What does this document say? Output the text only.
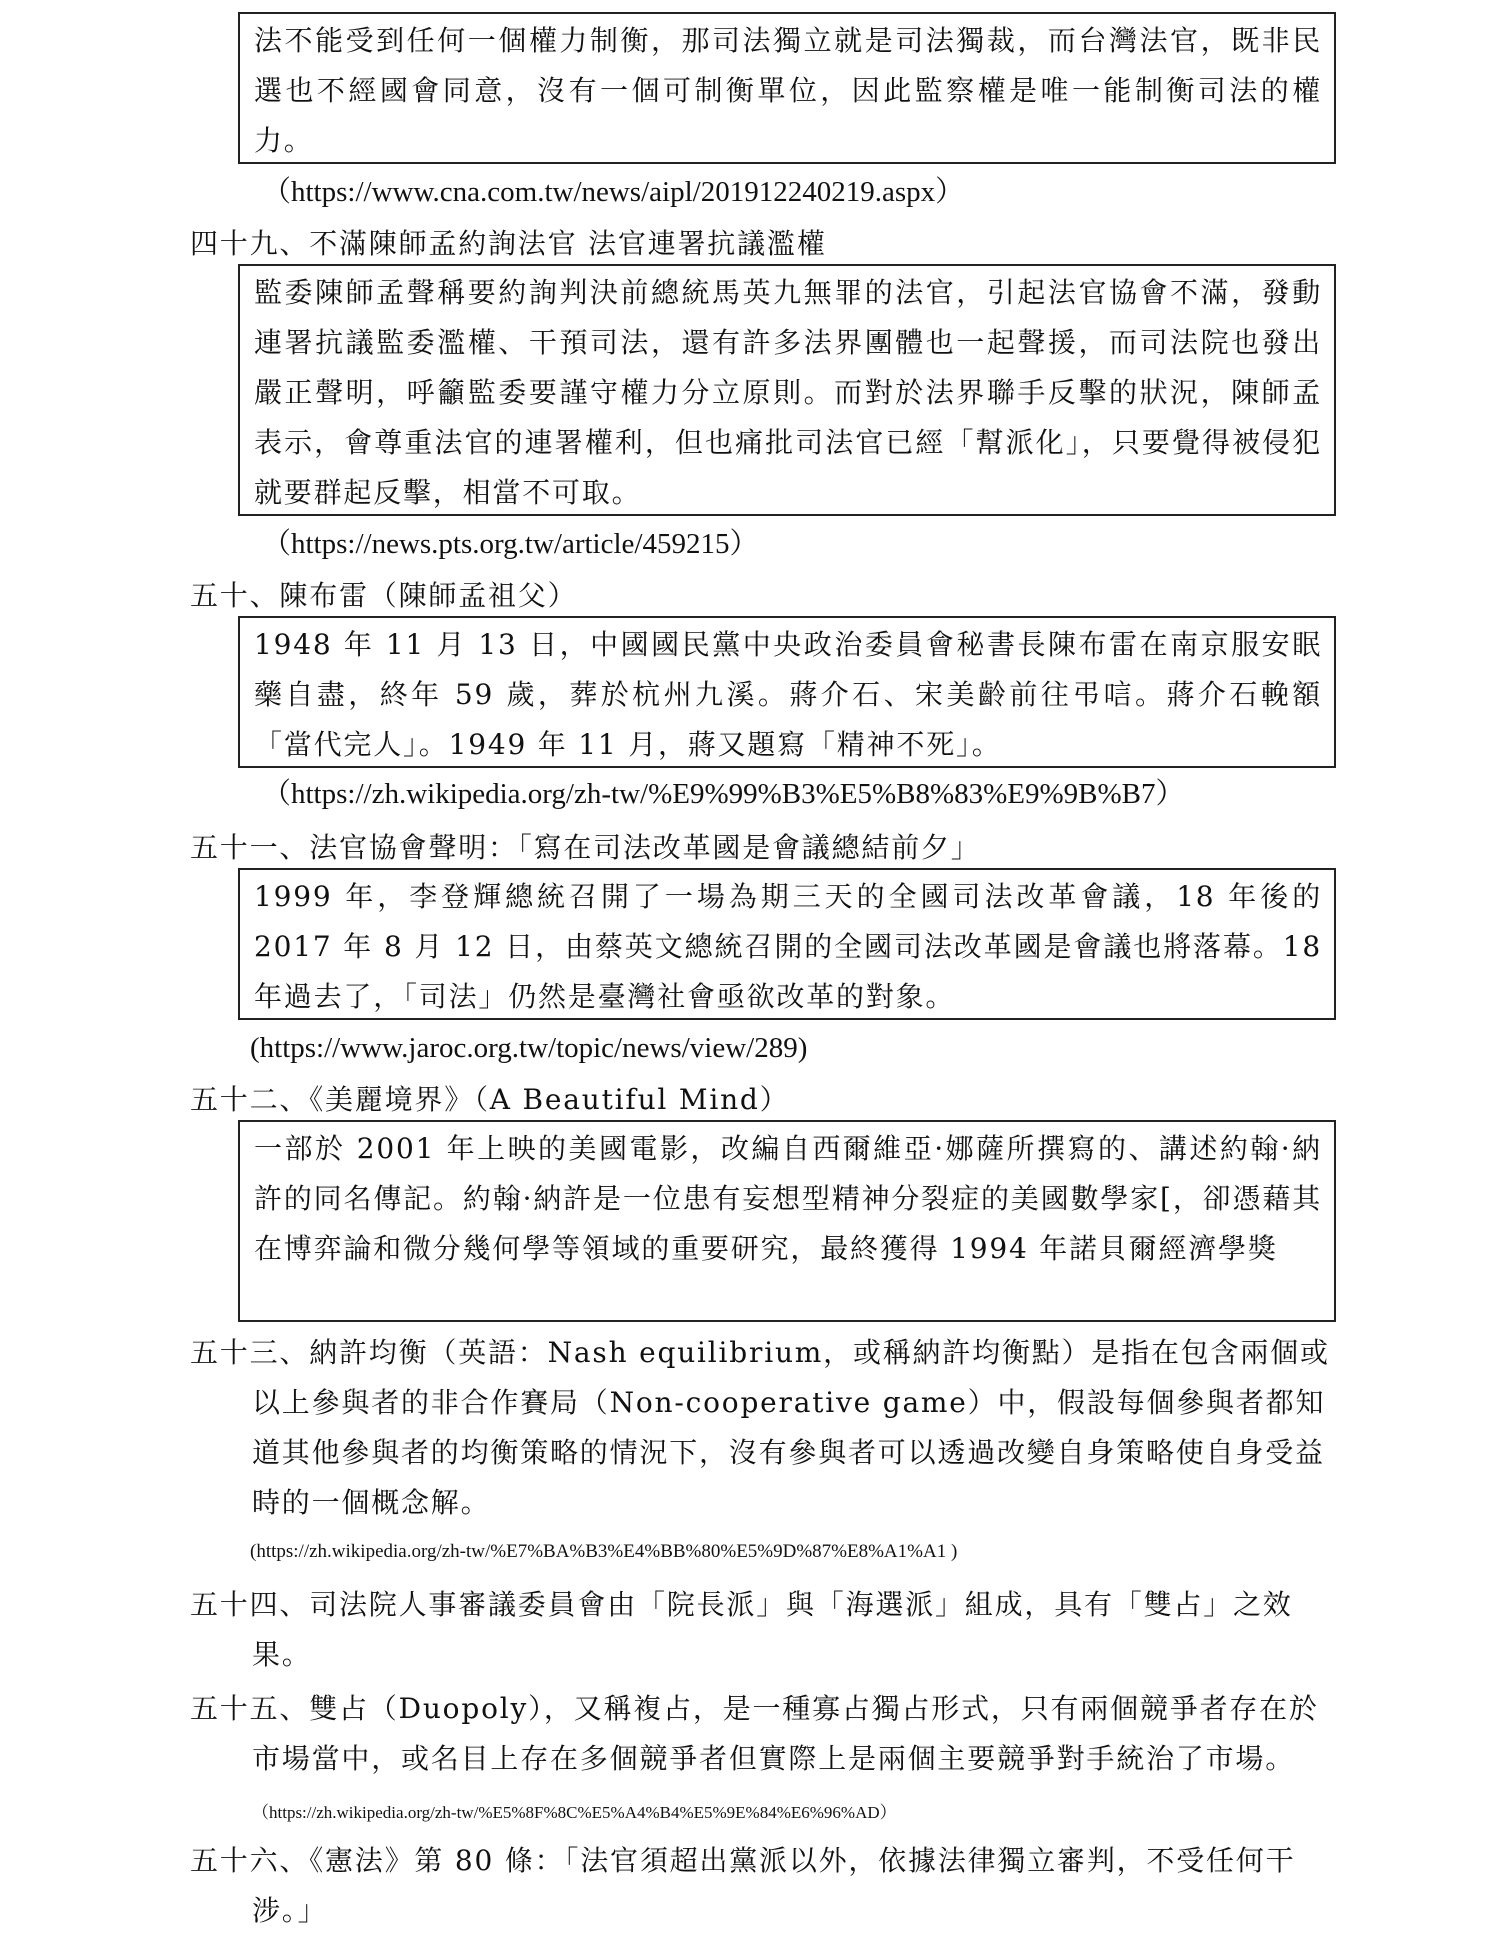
法不能受到任何一個權力制衡，那司法獨立就是司法獨裁，而台灣法官，既非民選也不經國會同意，沒有一個可制衡單位，因此監察權是唯一能制衡司法的權力。
（https://www.cna.com.tw/news/aipl/201912240219.aspx）
四十九、不滿陳師孟約詢法官 法官連署抗議濫權
監委陳師孟聲稱要約詢判決前總統馬英九無罪的法官，引起法官協會不滿，發動連署抗議監委濫權、干預司法，還有許多法界團體也一起聲援，而司法院也發出嚴正聲明，呼籲監委要謹守權力分立原則。而對於法界聯手反擊的狀況，陳師孟表示，會尊重法官的連署權利，但也痛批司法官已經「幫派化」，只要覺得被侵犯就要群起反擊，相當不可取。
（https://news.pts.org.tw/article/459215）
五十、陳布雷（陳師孟祖父）
1948 年 11 月 13 日，中國國民黨中央政治委員會秘書長陳布雷在南京服安眠藥自盡，終年 59 歲，葬於杭州九溪。蔣介石、宋美齡前往弔唁。蔣介石輓額「當代完人」。1949 年 11 月，蔣又題寫「精神不死」。
（https://zh.wikipedia.org/zh-tw/%E9%99%B3%E5%B8%83%E9%9B%B7）
五十一、法官協會聲明：「寫在司法改革國是會議總結前夕」
1999 年，李登輝總統召開了一場為期三天的全國司法改革會議，18 年後的2017 年 8 月 12 日，由蔡英文總統召開的全國司法改革國是會議也將落幕。18 年過去了，「司法」仍然是臺灣社會亟欲改革的對象。
(https://www.jaroc.org.tw/topic/news/view/289)
五十二、《美麗境界》（A Beautiful Mind）
一部於 2001 年上映的美國電影，改編自西爾維亞·娜薩所撰寫的、講述約翰·納許的同名傳記。約翰·納許是一位患有妄想型精神分裂症的美國數學家[，卻憑藉其在博弈論和微分幾何學等領域的重要研究，最終獲得 1994 年諾貝爾經濟學獎
五十三、納許均衡（英語：Nash equilibrium，或稱納許均衡點）是指在包含兩個或以上參與者的非合作賽局（Non-cooperative game）中，假設每個參與者都知道其他參與者的均衡策略的情況下，沒有參與者可以透過改變自身策略使自身受益時的一個概念解。
(https://zh.wikipedia.org/zh-tw/%E7%BA%B3%E4%BB%80%E5%9D%87%E8%A1%A1 )
五十四、司法院人事審議委員會由「院長派」與「海選派」組成，具有「雙占」之效果。
五十五、雙占（Duopoly），又稱複占，是一種寡占獨占形式，只有兩個競爭者存在於市場當中，或名目上存在多個競爭者但實際上是兩個主要競爭對手統治了市場。（https://zh.wikipedia.org/zh-tw/%E5%8F%8C%E5%A4%B4%E5%9E%84%E6%96%AD）
五十六、《憲法》第 80 條：「法官須超出黨派以外，依據法律獨立審判，不受任何干涉。」
